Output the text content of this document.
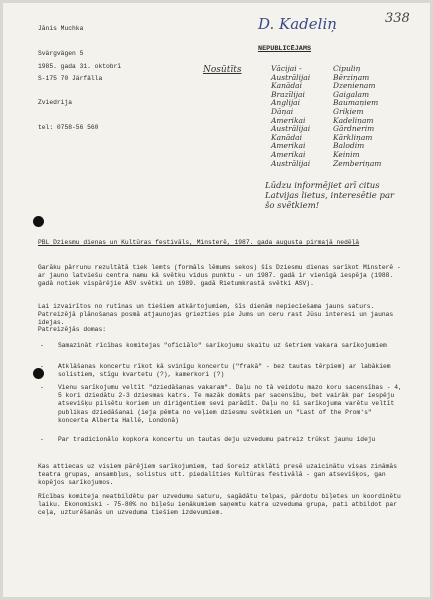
338
D. Kadeliņ

Jānis Muchka

Svärgvägen 5

S-175 70 Järfälla

Zviedrija

tel: 0758-56 560

NEPUBLICĒJAMS
1985. gada 31. oktobrī	Nosūtīts	Vācijai -	Cipuliņ
Austrālijai	Bērziņam
Kanādai	Dzenienam
Brazīlijai	Gaigalam
Anglijai	Baumaņiem
Dāņai	Griķiem
Amerikai	Kadeliņam
Austrālijai	Gārdnerim
Kanādai	Kārkliņam
Amerikai	Balodim
Amerikai	Keinim
Austrālijai	Zemberiņam
Lūdzu informējiet arī citus Latvijas lietus, interesētie par šo svētkiem!
PBL Dziesmu dienas un Kultūras festivāls, Minsterē, 1987. gada augusta pirmajā nedēļā
Garāku pārrunu rezultātā tiek lemts (formāls lēmums sekos) šīs Dziesmu dienas sarīkot Minsterē - ar jauno latviešu centra namu kā svētku vidus punktu - un 1987. gadā ir vienīgā iespēja (1988. gadā notiek vispārējie ASV svētki un 1989. gadā Rietumkrastā svētki ASV).
Lai izvairītos no rutīnas un tiešiem atkārtojumiem, šīs dienām nepieciešama jauns saturs. Patreizējā plānošanas posmā atjaunojas griezties pie Jums un ceru rast Jūsu interesi un jaunas idejas.
Patreizējās domas:
- Samazināt rīcības komitejas "oficiālo" sarīkojumu skaitu uz šetriem vakara sarīkojumiem
- Atklāšanas koncertu rīkot kā svinīgu koncertu ("frakā" - bez tautas tērpiem) ar labākiem solistiem, stīgu kvartetu (?), kamerkori (?)
- Vienu sarīkojumu veltīt "dziedāšanas vakaram". Daļu no tā veidotu mazo koru sacensības - 4, 5 kori dziedātu 2-3 dziesmas katrs. Te mazāk domāts par sacensību, bet vairāk par iespēju atsevišķu pilsētu koriem un diriģentiem sevi parādīt. Daļu no šī sarīkojuma varētu veltīt publikas dziedāšanai (ieja pēmta no veļiem dziesmu svētkiem un "Last of the Prom's" koncerta Alberta Hallē, Londonā)
- Par tradicionālo kopkora koncertu un tautas deju uzvedumu patreiz trūkst jaunu ideju
Kas attiecas uz visiem pārējiem sarīkojumiem, tad šoreiz atklāti presē uzaicinātu visas zināmās teatra grupas, ansambļus, solistus utt. piedalīties Kultūras festivālā - gan atsevišķos, gan kopējos sarīkojumos.
Rīcības komiteja neatbildētu par uzvedumu saturu, sagādātu telpas, pārdotu biļetes un koordinētu laiku. Ekonomiski - 75-80% no biļešu ienākumiem saņemtu katra uzveduma grupa, pati atbildot par ceļa, uzturēšanās un uzveduma tiešiem izdevumiem.
